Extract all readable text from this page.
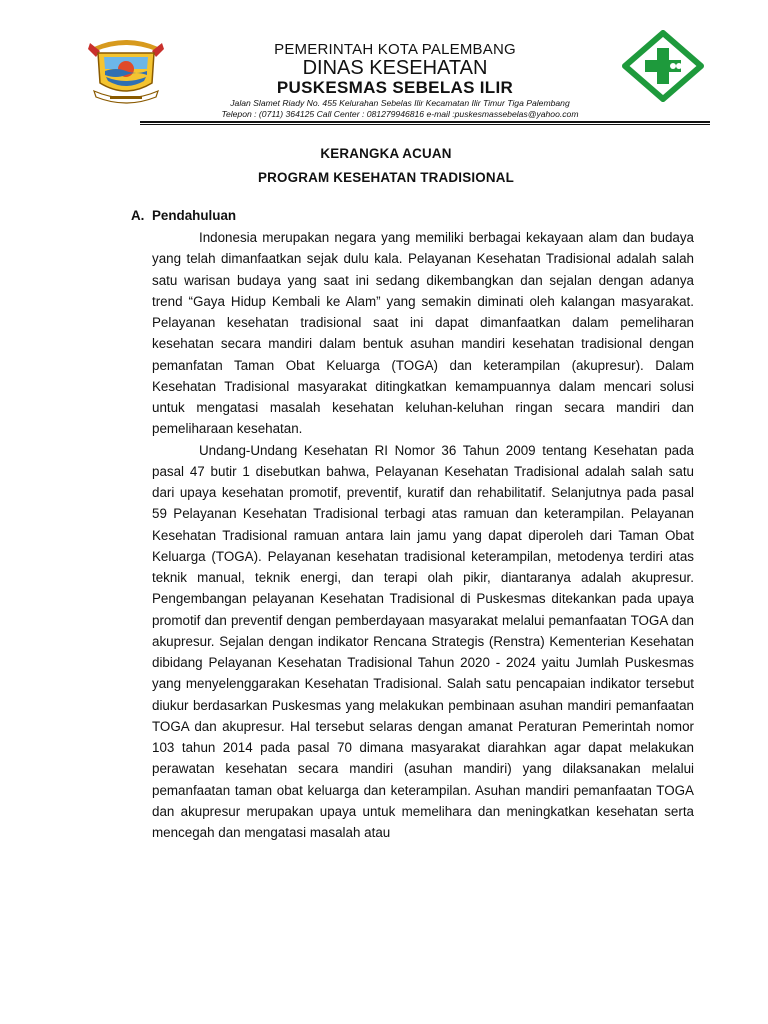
PEMERINTAH KOTA PALEMBANG
DINAS KESEHATAN
PUSKESMAS SEBELAS ILIR
Jalan Slamet Riady No. 455 Kelurahan Sebelas Ilir Kecamatan Ilir Timur Tiga Palembang
Telepon : (0711) 364125 Call Center : 081279946816 e-mail :puskesmassebelas@yahoo.com
KERANGKA ACUAN
PROGRAM KESEHATAN TRADISIONAL
A. Pendahuluan

Indonesia merupakan negara yang memiliki berbagai kekayaan alam dan budaya yang telah dimanfaatkan sejak dulu kala. Pelayanan Kesehatan Tradisional adalah salah satu warisan budaya yang saat ini sedang dikembangkan dan sejalan dengan adanya trend “Gaya Hidup Kembali ke Alam” yang semakin diminati oleh kalangan masyarakat. Pelayanan kesehatan tradisional saat ini dapat dimanfaatkan dalam pemeliharan kesehatan secara mandiri dalam bentuk asuhan mandiri kesehatan tradisional dengan pemanfatan Taman Obat Keluarga (TOGA) dan keterampilan (akupresur). Dalam Kesehatan Tradisional masyarakat ditingkatkan kemampuannya dalam mencari solusi untuk mengatasi masalah kesehatan keluhan-keluhan ringan secara mandiri dan pemeliharaan kesehatan.

Undang-Undang Kesehatan RI Nomor 36 Tahun 2009 tentang Kesehatan pada pasal 47 butir 1 disebutkan bahwa, Pelayanan Kesehatan Tradisional adalah salah satu dari upaya kesehatan promotif, preventif, kuratif dan rehabilitatif. Selanjutnya pada pasal 59 Pelayanan Kesehatan Tradisional terbagi atas ramuan dan keterampilan. Pelayanan Kesehatan Tradisional ramuan antara lain jamu yang dapat diperoleh dari Taman Obat Keluarga (TOGA). Pelayanan kesehatan tradisional keterampilan, metodenya terdiri atas teknik manual, teknik energi, dan terapi olah pikir, diantaranya adalah akupresur. Pengembangan pelayanan Kesehatan Tradisional di Puskesmas ditekankan pada upaya promotif dan preventif dengan pemberdayaan masyarakat melalui pemanfaatan TOGA dan akupresur. Sejalan dengan indikator Rencana Strategis (Renstra) Kementerian Kesehatan dibidang Pelayanan Kesehatan Tradisional Tahun 2020 - 2024 yaitu Jumlah Puskesmas yang menyelenggarakan Kesehatan Tradisional. Salah satu pencapaian indikator tersebut diukur berdasarkan Puskesmas yang melakukan pembinaan asuhan mandiri pemanfaatan TOGA dan akupresur. Hal tersebut selaras dengan amanat Peraturan Pemerintah nomor 103 tahun 2014 pada pasal 70 dimana masyarakat diarahkan agar dapat melakukan perawatan kesehatan secara mandiri (asuhan mandiri) yang dilaksanakan melalui pemanfaatan taman obat keluarga dan keterampilan. Asuhan mandiri pemanfaatan TOGA dan akupresur merupakan upaya untuk memelihara dan meningkatkan kesehatan serta mencegah dan mengatasi masalah atau
